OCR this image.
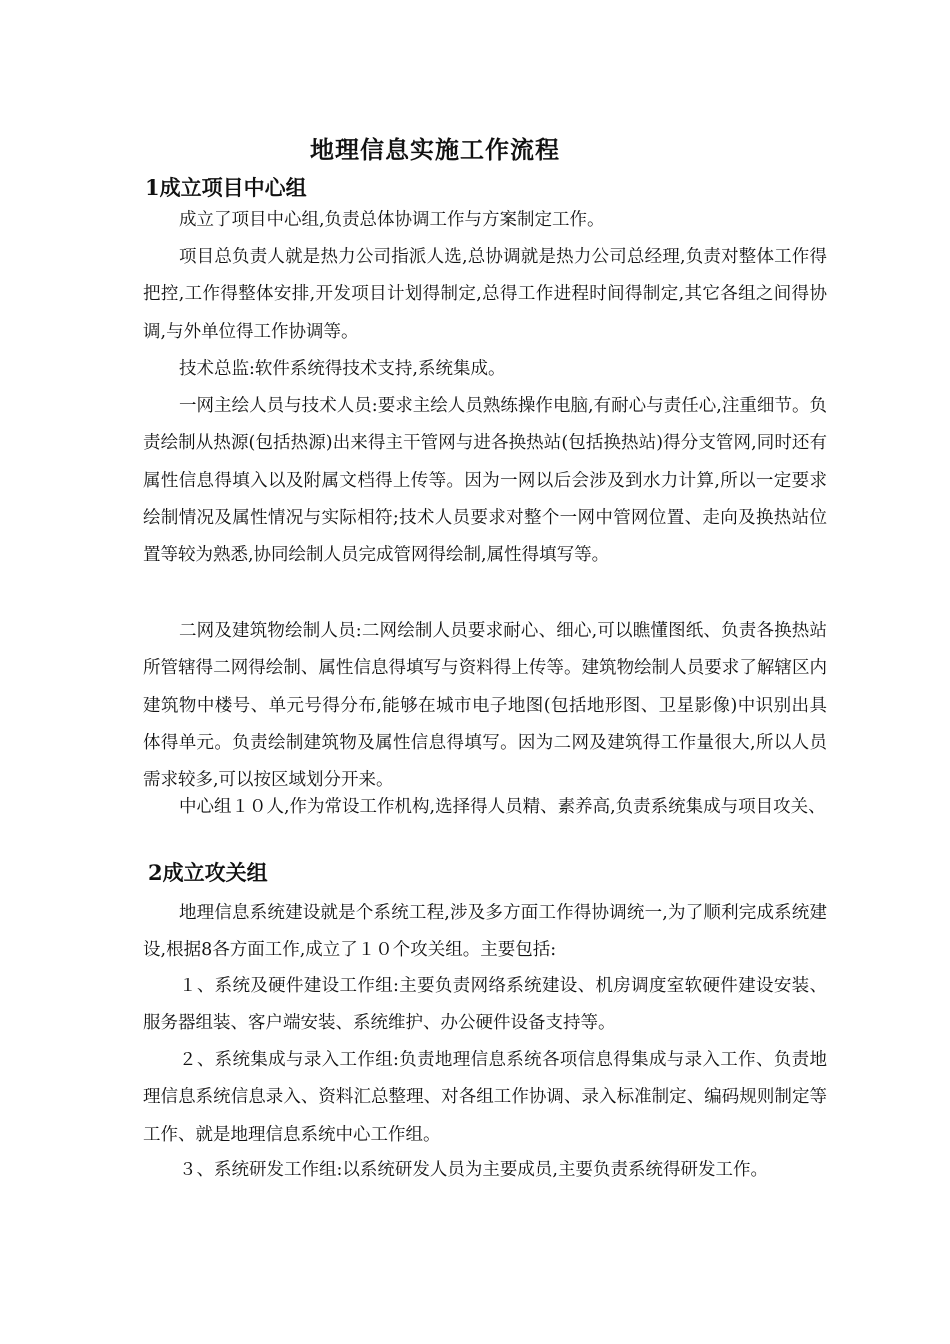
地理信息实施工作流程
1成立项目中心组

成立了项目中心组,负责总体协调工作与方案制定工作。

项目总负责人就是热力公司指派人选,总协调就是热力公司总经理,负责对整体工作得把控,工作得整体安排,开发项目计划得制定,总得工作进程时间得制定,其它各组之间得协调,与外单位得工作协调等。

技术总监:软件系统得技术支持,系统集成。

一网主绘人员与技术人员:要求主绘人员熟练操作电脑,有耐心与责任心,注重细节。负责绘制从热源(包括热源)出来得主干管网与进各换热站(包括换热站)得分支管网,同时还有属性信息得填入以及附属文档得上传等。因为一网以后会涉及到水力计算,所以一定要求绘制情况及属性情况与实际相符;技术人员要求对整个一网中管网位置、走向及换热站位置等较为熟悉,协同绘制人员完成管网得绘制,属性得填写等。

二网及建筑物绘制人员:二网绘制人员要求耐心、细心,可以瞧懂图纸、负责各换热站所管辖得二网得绘制、属性信息得填写与资料得上传等。建筑物绘制人员要求了解辖区内建筑物中楼号、单元号得分布,能够在城市电子地图(包括地形图、卫星影像)中识别出具体得单元。负责绘制建筑物及属性信息得填写。因为二网及建筑得工作量很大,所以人员需求较多,可以按区域划分开来。

中心组１０人,作为常设工作机构,选择得人员精、素养高,负责系统集成与项目攻关、

2成立攻关组

地理信息系统建设就是个系统工程,涉及多方面工作得协调统一,为了顺利完成系统建设,根据8各方面工作,成立了１０个攻关组。主要包括:

１、系统及硬件建设工作组:主要负责网络系统建设、机房调度室软硬件建设安装、服务器组装、客户端安装、系统维护、办公硬件设备支持等。

２、系统集成与录入工作组:负责地理信息系统各项信息得集成与录入工作、负责地理信息系统信息录入、资料汇总整理、对各组工作协调、录入标准制定、编码规则制定等工作、就是地理信息系统中心工作组。

３、系统研发工作组:以系统研发人员为主要成员,主要负责系统得研发工作。
